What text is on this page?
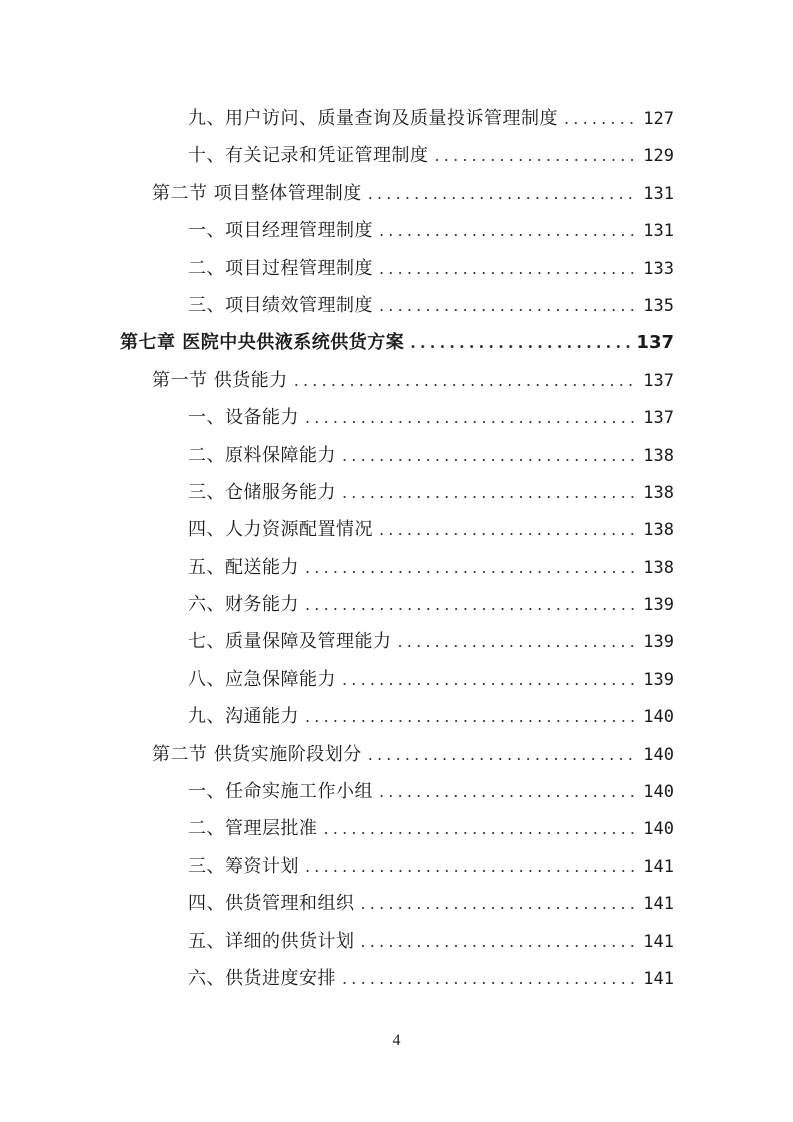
九、用户访问、质量查询及质量投诉管理制度 .....	127
十、有关记录和凭证管理制度 .....	129
第二节 项目整体管理制度 .....	131
一、项目经理管理制度 .....	131
二、项目过程管理制度 .....	133
三、项目绩效管理制度 .....	135
第七章 医院中央供液系统供货方案 .....	137
第一节 供货能力 .....	137
一、设备能力 .....	137
二、原料保障能力 .....	138
三、仓储服务能力 .....	138
四、人力资源配置情况 .....	138
五、配送能力 .....	138
六、财务能力 .....	139
七、质量保障及管理能力 .....	139
八、应急保障能力 .....	139
九、沟通能力 .....	140
第二节 供货实施阶段划分 .....	140
一、任命实施工作小组 .....	140
二、管理层批准 .....	140
三、筹资计划 .....	141
四、供货管理和组织 .....	141
五、详细的供货计划 .....	141
六、供货进度安排 .....	141
4
